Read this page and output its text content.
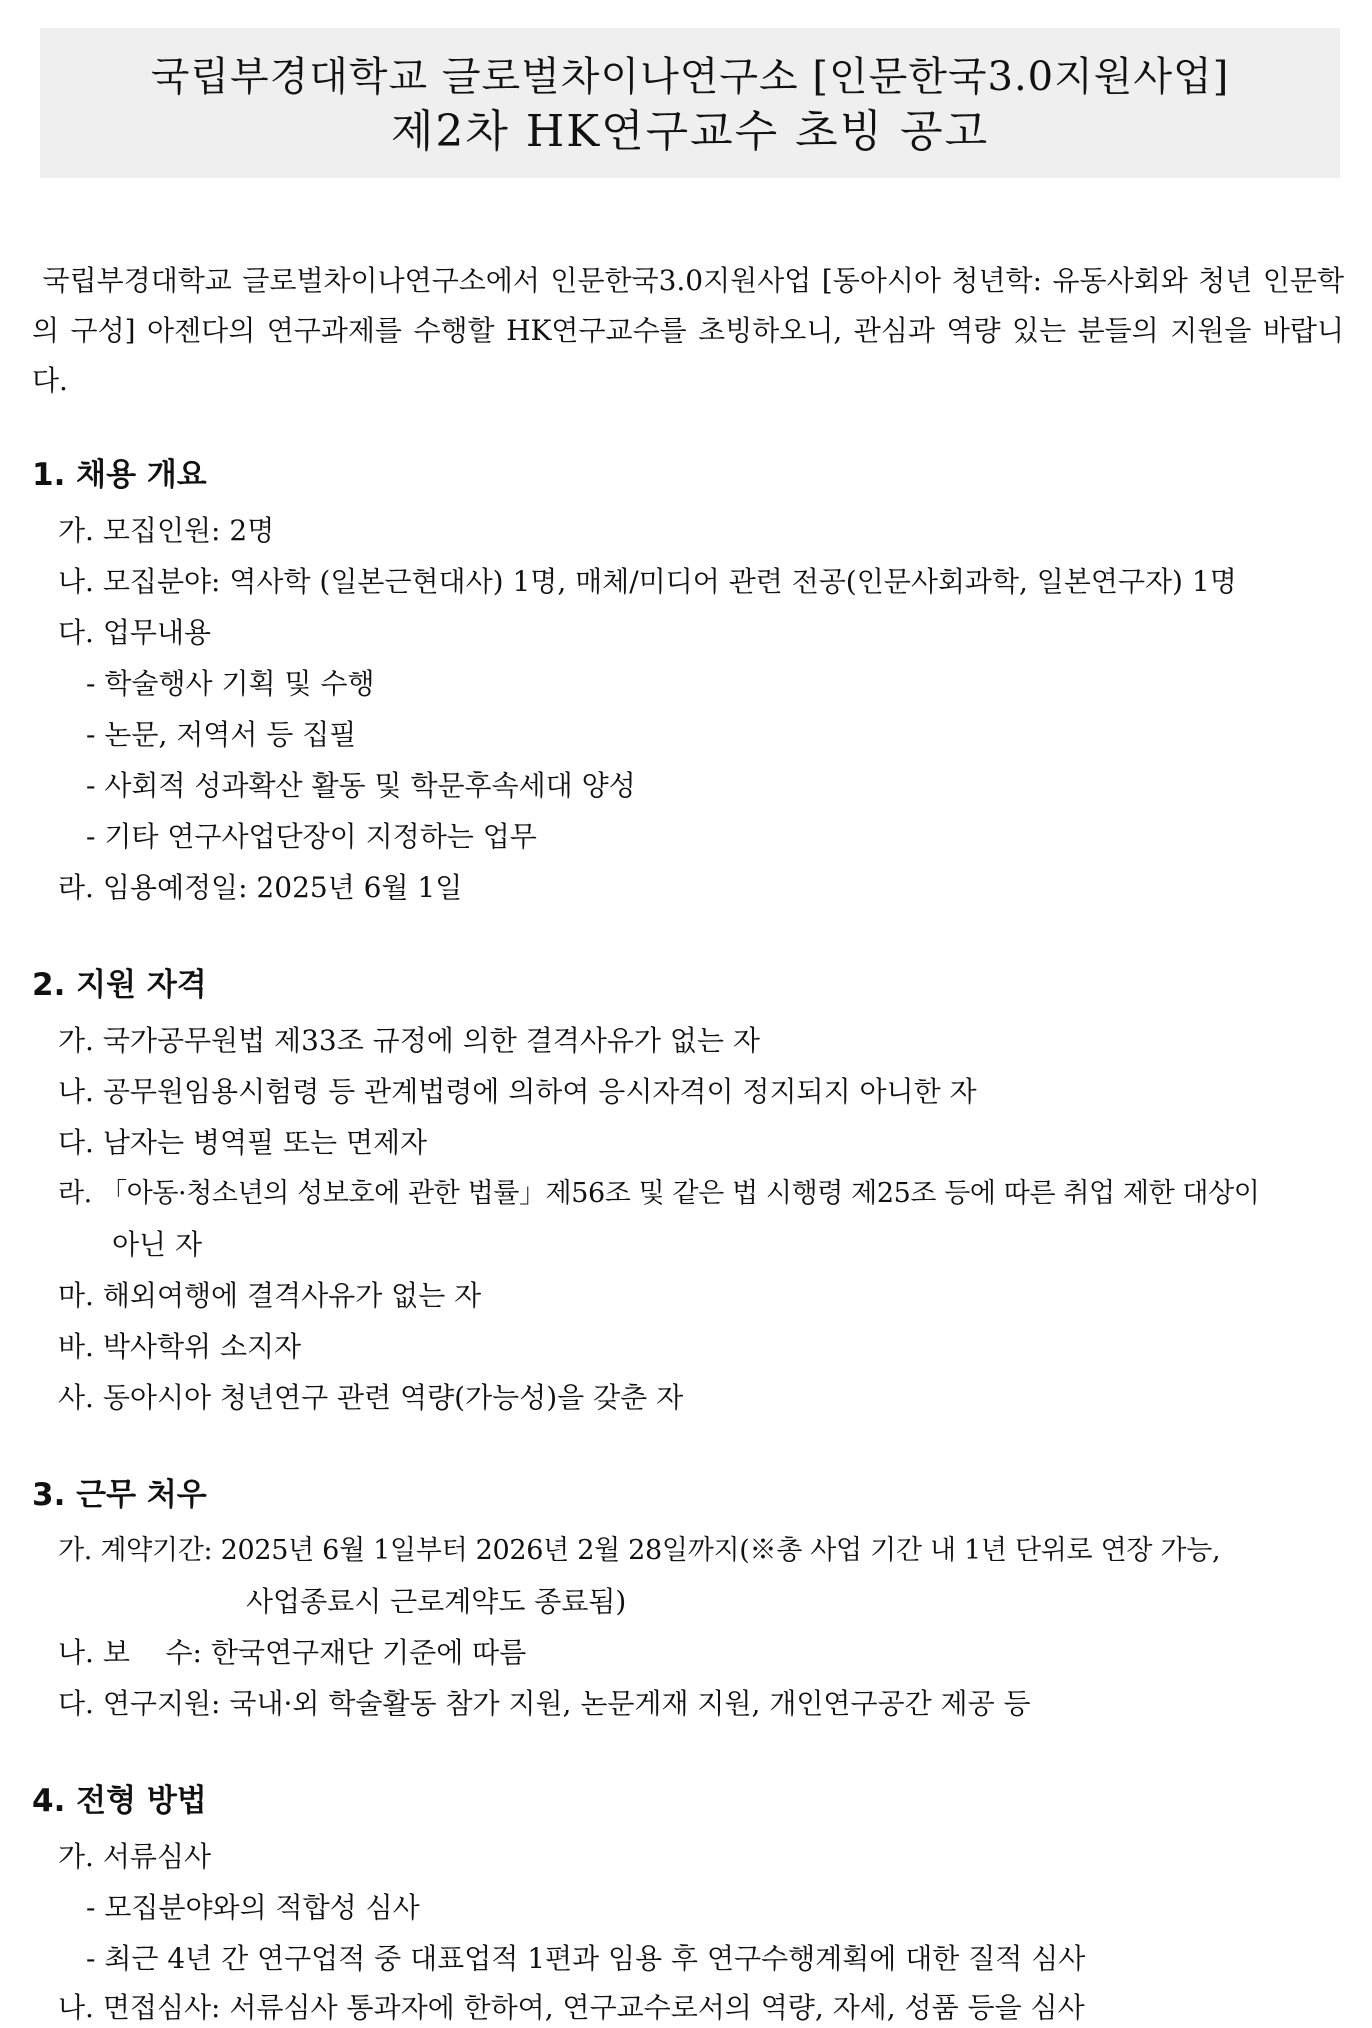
국립부경대학교 글로벌차이나연구소 [인문한국3.0지원사업]
제2차 HK연구교수 초빙 공고

국립부경대학교 글로벌차이나연구소에서 인문한국3.0지원사업 [동아시아 청년학: 유동사회와 청년 인문학의 구성] 아젠다의 연구과제를 수행할 HK연구교수를 초빙하오니, 관심과 역량 있는 분들의 지원을 바랍니다.

1. 채용 개요
가. 모집인원: 2명
나. 모집분야: 역사학 (일본근현대사) 1명, 매체/미디어 관련 전공(인문사회과학, 일본연구자) 1명
다. 업무내용
- 학술행사 기획 및 수행
- 논문, 저역서 등 집필
- 사회적 성과확산 활동 및 학문후속세대 양성
- 기타 연구사업단장이 지정하는 업무
라. 임용예정일: 2025년 6월 1일
2. 지원 자격
가. 국가공무원법 제33조 규정에 의한 결격사유가 없는 자
나. 공무원임용시험령 등 관계법령에 의하여 응시자격이 정지되지 아니한 자
다. 남자는 병역필 또는 면제자
라. 「아동·청소년의 성보호에 관한 법률」제56조 및 같은 법 시행령 제25조 등에 따른 취업 제한 대상이
아닌 자
마. 해외여행에 결격사유가 없는 자
바. 박사학위 소지자
사. 동아시아 청년연구 관련 역량(가능성)을 갖춘 자
3. 근무 처우
가. 계약기간: 2025년 6월 1일부터 2026년 2월 28일까지(※총 사업 기간 내 1년 단위로 연장 가능,
사업종료시 근로계약도 종료됨)
나. 보    수: 한국연구재단 기준에 따름
다. 연구지원: 국내·외 학술활동 참가 지원, 논문게재 지원, 개인연구공간 제공 등
4. 전형 방법
가. 서류심사
- 모집분야와의 적합성 심사
- 최근 4년 간 연구업적 중 대표업적 1편과 임용 후 연구수행계획에 대한 질적 심사
나. 면접심사: 서류심사 통과자에 한하여, 연구교수로서의 역량, 자세, 성품 등을 심사
